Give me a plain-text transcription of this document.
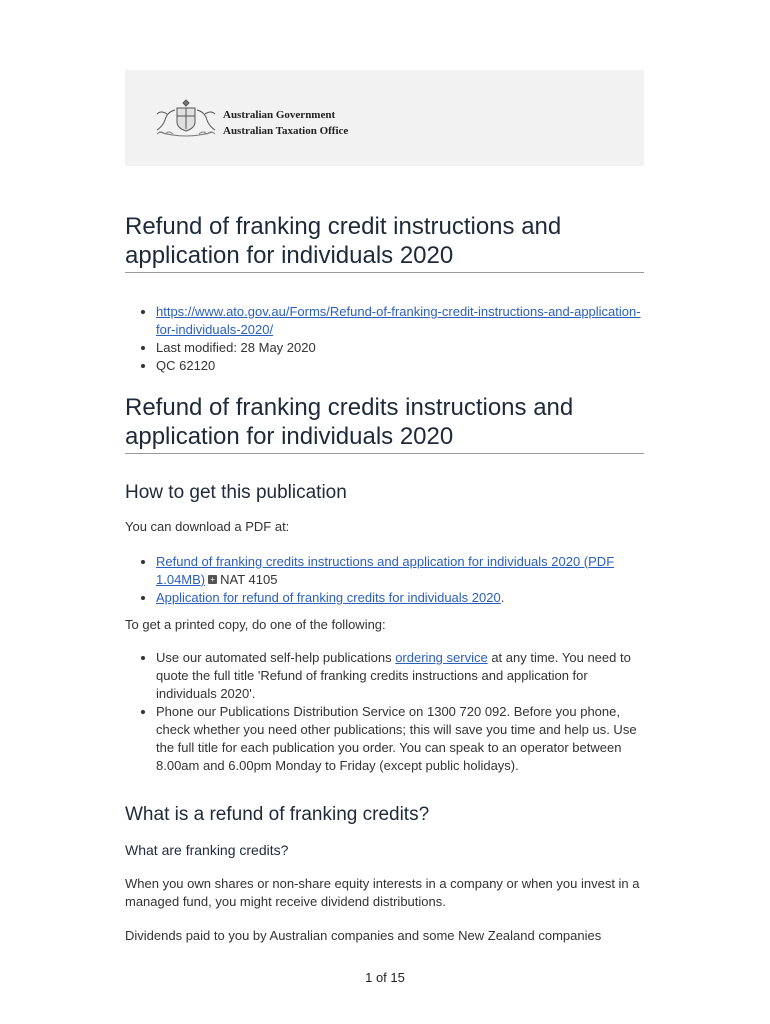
Australian Government
Australian Taxation Office
Refund of franking credit instructions and application for individuals 2020
• https://www.ato.gov.au/Forms/Refund-of-franking-credit-instructions-and-application-for-individuals-2020/
• Last modified: 28 May 2020
• QC 62120
Refund of franking credits instructions and application for individuals 2020
How to get this publication

You can download a PDF at:

• Refund of franking credits instructions and application for individuals 2020 (PDF 1.04MB) + NAT 4105
• Application for refund of franking credits for individuals 2020.

To get a printed copy, do one of the following:

• Use our automated self-help publications ordering service at any time. You need to quote the full title 'Refund of franking credits instructions and application for individuals 2020'.
• Phone our Publications Distribution Service on 1300 720 092. Before you phone, check whether you need other publications; this will save you time and help us. Use the full title for each publication you order. You can speak to an operator between 8.00am and 6.00pm Monday to Friday (except public holidays).
What is a refund of franking credits?
What are franking credits?

When you own shares or non-share equity interests in a company or when you invest in a managed fund, you might receive dividend distributions.

Dividends paid to you by Australian companies and some New Zealand companies

1 of 15
